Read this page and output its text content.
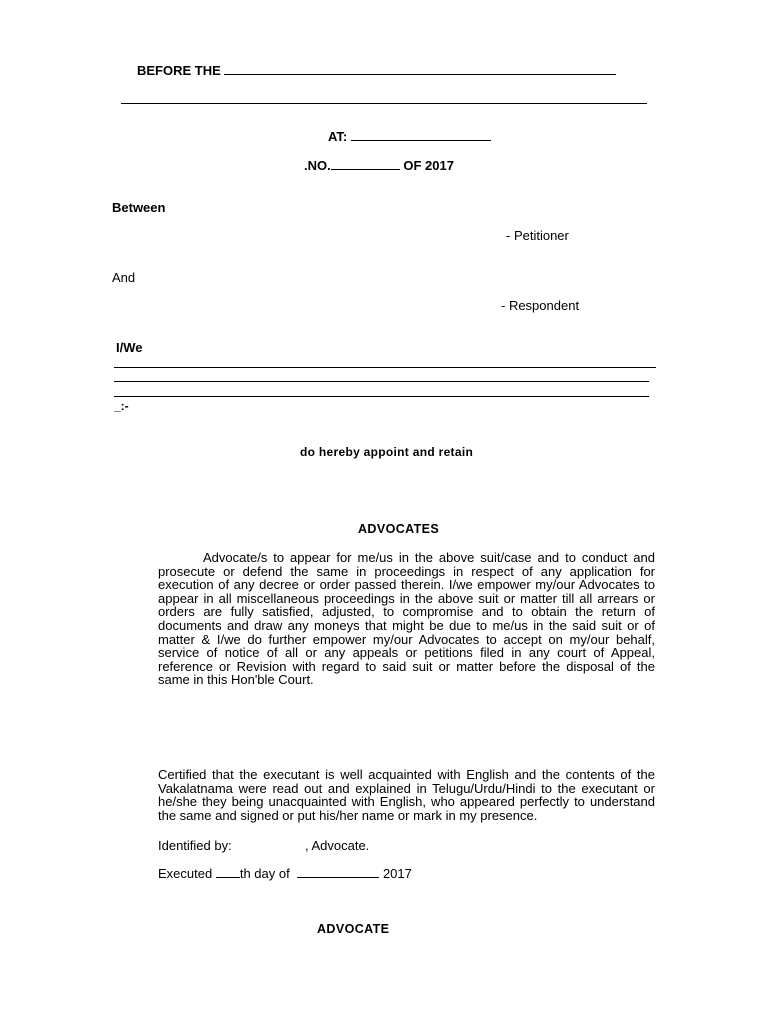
BEFORE THE
AT:
.NO.	OF 2017
Between
- Petitioner
And
- Respondent
I/We
_:-
do hereby appoint and retain
ADVOCATES
Advocate/s to appear for me/us in the above suit/case and to conduct and prosecute or defend the same in proceedings in respect of any application for execution of any decree or order passed therein. I/we empower my/our Advocates to appear in all miscellaneous proceedings in the above suit or matter till all arrears or orders are fully satisfied, adjusted, to compromise and to obtain the return of documents and draw any moneys that might be due to me/us in the said suit or of matter & I/we do further empower my/our Advocates to accept on my/our behalf, service of notice of all or any appeals or petitions filed in any court of Appeal, reference or Revision with regard to said suit or matter before the disposal of the same in this Hon'ble Court.
Certified that the executant is well acquainted with English and the contents of the Vakalatnama were read out and explained in Telugu/Urdu/Hindi to the executant or he/she they being unacquainted with English, who appeared perfectly to understand the same and signed or put his/her name or mark in my presence.
Identified by:	, Advocate.
Executed th day of	2017
ADVOCATE
